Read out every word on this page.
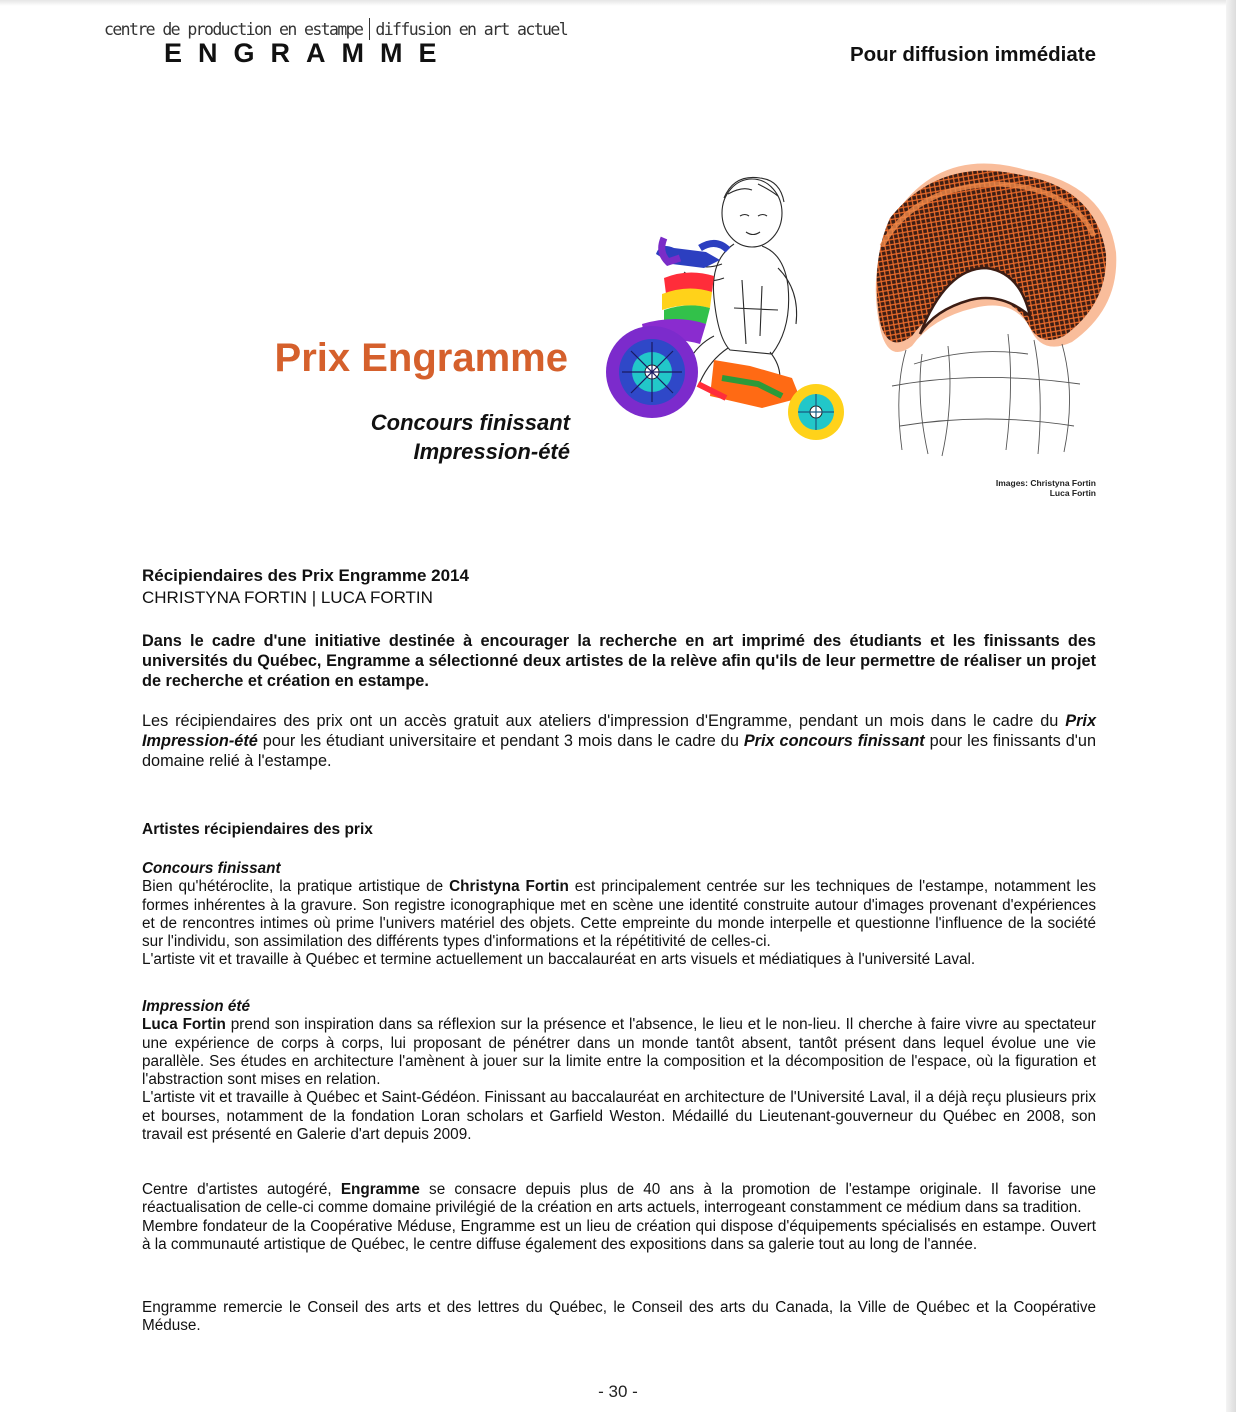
centre de production en estampe diffusion en art actuel
ENGRAMME	Pour diffusion immédiate
Prix Engramme
Concours finissant
Impression-été
Images: Christyna Fortin
Luca Fortin
Récipiendaires des Prix Engramme 2014
CHRISTYNA FORTIN | LUCA FORTIN

Dans le cadre d'une initiative destinée à encourager la recherche en art imprimé des étudiants et les finissants des universités du Québec, Engramme a sélectionné deux artistes de la relève afin qu'ils de leur permettre de réaliser un projet de recherche et création en estampe.

Les récipiendaires des prix ont un accès gratuit aux ateliers d'impression d'Engramme, pendant un mois dans le cadre du Prix Impression-été pour les étudiant universitaire et pendant 3 mois dans le cadre du Prix concours finissant pour les finissants d'un domaine relié à l'estampe.

Artistes récipiendaires des prix
Concours finissant

Bien qu'hétéroclite, la pratique artistique de Christyna Fortin est principalement centrée sur les techniques de l'estampe, notamment les formes inhérentes à la gravure. Son registre iconographique met en scène une identité construite autour d'images provenant d'expériences et de rencontres intimes où prime l'univers matériel des objets. Cette empreinte du monde interpelle et questionne l'influence de la société sur l'individu, son assimilation des différents types d'informations et la répétitivité de celles-ci.

L'artiste vit et travaille à Québec et termine actuellement un baccalauréat en arts visuels et médiatiques à l'université Laval.

Impression été

Luca Fortin prend son inspiration dans sa réflexion sur la présence et l'absence, le lieu et le non-lieu. Il cherche à faire vivre au spectateur une expérience de corps à corps, lui proposant de pénétrer dans un monde tantôt absent, tantôt présent dans lequel évolue une vie parallèle. Ses études en architecture l'amènent à jouer sur la limite entre la composition et la décomposition de l'espace, où la figuration et l'abstraction sont mises en relation.

L'artiste vit et travaille à Québec et Saint-Gédéon. Finissant au baccalauréat en architecture de l'Université Laval, il a déjà reçu plusieurs prix et bourses, notamment de la fondation Loran scholars et Garfield Weston. Médaillé du Lieutenant-gouverneur du Québec en 2008, son travail est présenté en Galerie d'art depuis 2009.

Centre d'artistes autogéré, Engramme se consacre depuis plus de 40 ans à la promotion de l'estampe originale. Il favorise une réactualisation de celle-ci comme domaine privilégié de la création en arts actuels, interrogeant constamment ce médium dans sa tradition.

Membre fondateur de la Coopérative Méduse, Engramme est un lieu de création qui dispose d'équipements spécialisés en estampe. Ouvert à la communauté artistique de Québec, le centre diffuse également des expositions dans sa galerie tout au long de l'année.

Engramme remercie le Conseil des arts et des lettres du Québec, le Conseil des arts du Canada, la Ville de Québec et la Coopérative Méduse.

- 30 -
